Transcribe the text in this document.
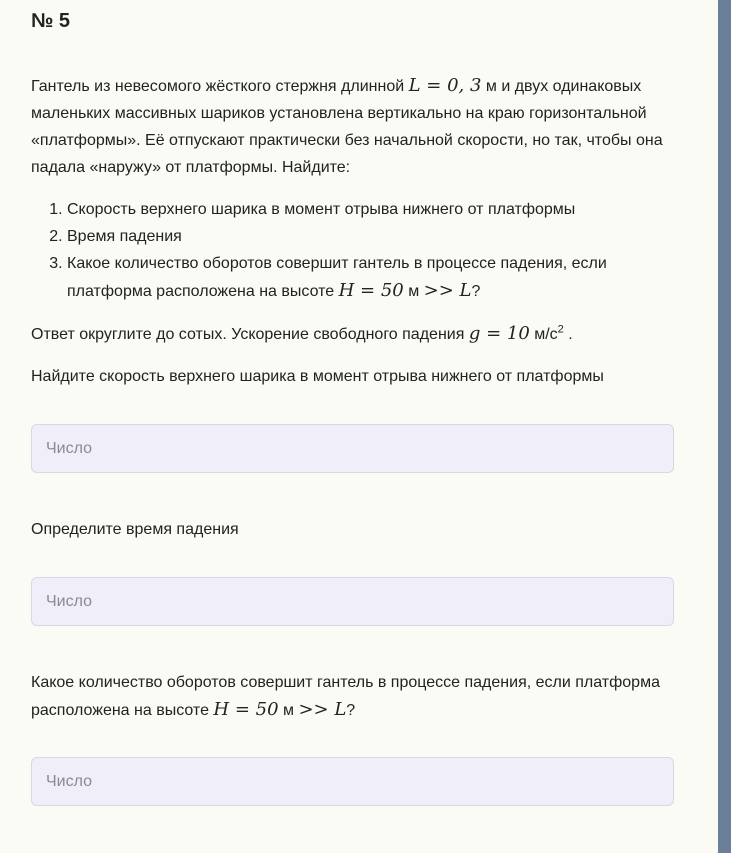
№ 5

Гантель из невесомого жёсткого стержня длинной L = 0, 3 м и двух одинаковых маленьких массивных шариков установлена вертикально на краю горизонтальной «платформы». Её отпускают практически без начальной скорости, но так, чтобы она падала «наружу» от платформы. Найдите:

1. Скорость верхнего шарика в момент отрыва нижнего от платформы
2. Время падения
3. Какое количество оборотов совершит гантель в процессе падения, если платформа расположена на высоте H = 50 м >> L?

Ответ округлите до сотых. Ускорение свободного падения g = 10 $м/с^2$ .

Найдите скорость верхнего шарика в момент отрыва нижнего от платформы

Число

Определите время падения

Число

Какое количество оборотов совершит гантель в процессе падения, если платформа расположена на высоте H = 50 м >> L?

Число
